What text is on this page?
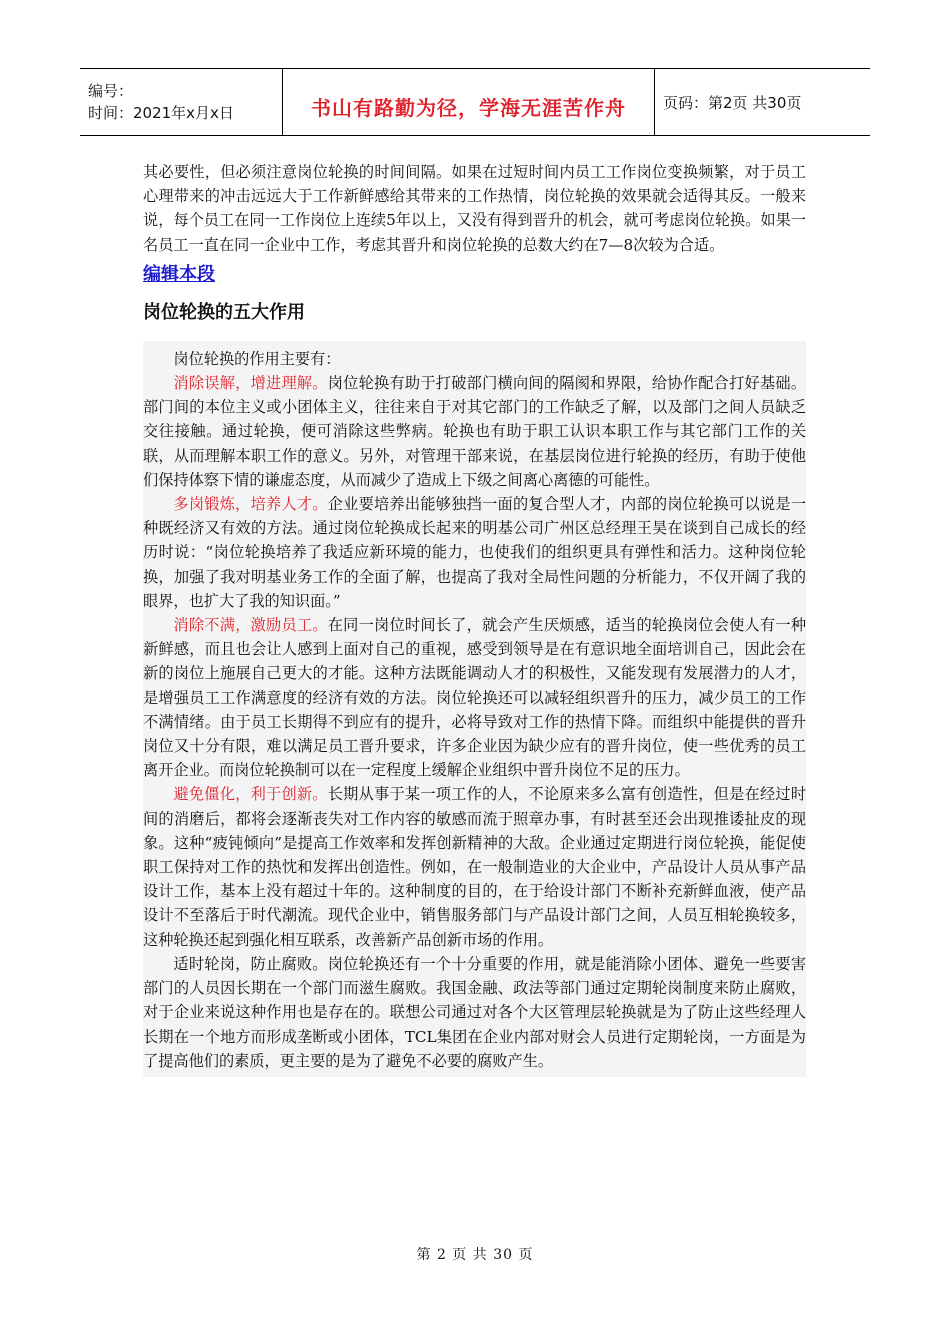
编号：
时间：2021年x月x日	书山有路勤为径，学海无涯苦作舟 页码：第2页 共30页

其必要性，但必须注意岗位轮换的时间间隔。如果在过短时间内员工工作岗位变换频繁，对于员工心理带来的冲击远远大于工作新鲜感给其带来的工作热情，岗位轮换的效果就会适得其反。一般来说，每个员工在同一工作岗位上连续5年以上，又没有得到晋升的机会，就可考虑岗位轮换。如果一名员工一直在同一企业中工作，考虑其晋升和岗位轮换的总数大约在7—8次较为合适。

编辑本段
岗位轮换的五大作用

岗位轮换的作用主要有：

消除误解，增进理解。岗位轮换有助于打破部门横向间的隔阂和界限，给协作配合打好基础。部门间的本位主义或小团体主义，往往来自于对其它部门的工作缺乏了解，以及部门之间人员缺乏交往接触。通过轮换，便可消除这些弊病。轮换也有助于职工认识本职工作与其它部门工作的关联，从而理解本职工作的意义。另外，对管理干部来说，在基层岗位进行轮换的经历，有助于使他们保持体察下情的谦虚态度，从而减少了造成上下级之间离心离德的可能性。

多岗锻炼，培养人才。企业要培养出能够独挡一面的复合型人才，内部的岗位轮换可以说是一种既经济又有效的方法。通过岗位轮换成长起来的明基公司广州区总经理王昊在谈到自己成长的经历时说：“岗位轮换培养了我适应新环境的能力，也使我们的组织更具有弹性和活力。这种岗位轮换，加强了我对明基业务工作的全面了解，也提高了我对全局性问题的分析能力，不仅开阔了我的眼界，也扩大了我的知识面。”

消除不满，激励员工。在同一岗位时间长了，就会产生厌烦感，适当的轮换岗位会使人有一种新鲜感，而且也会让人感到上面对自己的重视，感受到领导是在有意识地全面培训自己，因此会在新的岗位上施展自己更大的才能。这种方法既能调动人才的积极性，又能发现有发展潜力的人才，是增强员工工作满意度的经济有效的方法。岗位轮换还可以减轻组织晋升的压力，减少员工的工作不满情绪。由于员工长期得不到应有的提升，必将导致对工作的热情下降。而组织中能提供的晋升岗位又十分有限，难以满足员工晋升要求，许多企业因为缺少应有的晋升岗位，使一些优秀的员工离开企业。而岗位轮换制可以在一定程度上缓解企业组织中晋升岗位不足的压力。

避免僵化，利于创新。长期从事于某一项工作的人，不论原来多么富有创造性，但是在经过时间的消磨后，都将会逐渐丧失对工作内容的敏感而流于照章办事，有时甚至还会出现推诿扯皮的现象。这种“疲钝倾向”是提高工作效率和发挥创新精神的大敌。企业通过定期进行岗位轮换，能促使职工保持对工作的热忱和发挥出创造性。例如，在一般制造业的大企业中，产品设计人员从事产品设计工作，基本上没有超过十年的。这种制度的目的，在于给设计部门不断补充新鲜血液，使产品设计不至落后于时代潮流。现代企业中，销售服务部门与产品设计部门之间，人员互相轮换较多，这种轮换还起到强化相互联系，改善新产品创新市场的作用。

适时轮岗，防止腐败。岗位轮换还有一个十分重要的作用，就是能消除小团体、避免一些要害部门的人员因长期在一个部门而滋生腐败。我国金融、政法等部门通过定期轮岗制度来防止腐败，对于企业来说这种作用也是存在的。联想公司通过对各个大区管理层轮换就是为了防止这些经理人长期在一个地方而形成垄断或小团体，TCL集团在企业内部对财会人员进行定期轮岗，一方面是为了提高他们的素质，更主要的是为了避免不必要的腐败产生。

第 2 页 共 30 页
